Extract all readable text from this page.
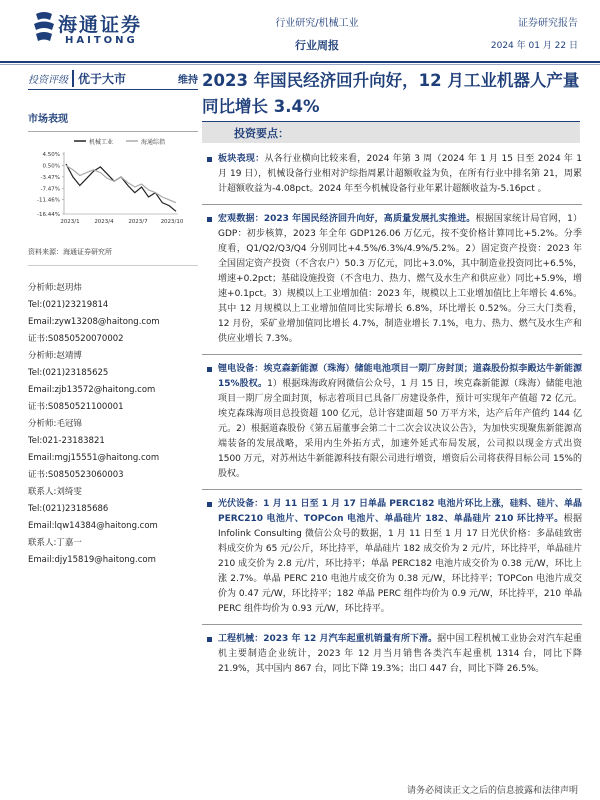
海通证券
HAITONG
行业研究/机械工业
行业周报
证券研究报告
2024 年 01 月 22 日
投资评级 优于大市	维持
市场表现
机械工业	海通综指
4.50%
0.50%
-3.47%
-7.47%
-11.46%
-16.44%
2023/1	2023/4	2023/7 2023/10
资料来源：海通证券研究所
分析师:赵玥炜
Tel:(021)23219814
Email:zyw13208@haitong.com
证书:S0850520070002
分析师:赵靖博
Tel:(021)23185625
Email:zjb13572@haitong.com
证书:S0850521100001
分析师:毛冠锦
Tel:021-23183821
Email:mgj15551@haitong.com
证书:S0850523060003
联系人:刘绮雯
Tel:(021)23185686
Email:lqw14384@haitong.com
联系人:丁嘉一
Email:djy15819@haitong.com
2023 年国民经济回升向好，12 月工业机器人产量同比增长 3.4%
投资要点：
板块表现：从各行业横向比较来看，2024 年第 3 周（2024 年 1 月 15 日至 2024 年 1 月 19 日），机械设备行业相对沪综指周累计超额收益为负，在所有行业中排名第 21，周累计超额收益为-4.08pct。2024 年至今机械设备行业年累计超额收益为-5.16pct 。
宏观数据：2023 年国民经济回升向好，高质量发展扎实推进。根据国家统计局官网，1）GDP：初步核算，2023 年全年 GDP126.06 万亿元，按不变价格计算同比+5.2%。分季度看，Q1/Q2/Q3/Q4 分别同比+4.5%/6.3%/4.9%/5.2%。2）固定资产投资：2023 年全国固定资产投资（不含农户）50.3 万亿元，同比+3.0%，其中制造业投资同比+6.5%，增速+0.2pct；基础设施投资（不含电力、热力、燃气及水生产和供应业）同比+5.9%，增速+0.1pct。3）规模以上工业增加值：2023 年，规模以上工业增加值比上年增长 4.6%。其中 12 月规模以上工业增加值同比实际增长 6.8%，环比增长 0.52%。分三大门类看，12 月份，采矿业增加值同比增长 4.7%，制造业增长 7.1%，电力、热力、燃气及水生产和供应业增长 7.3%。
锂电设备：埃克森新能源（珠海）储能电池项目一期厂房封顶；道森股份拟李殿达牛新能源 15%股权。1）根据珠海政府网微信公众号，1 月 15 日，埃克森新能源（珠海）储能电池项目一期厂房全面封顶，标志着项目已具备厂房建设条件，预计可实现年产值超 72 亿元。埃克森珠海项目总投资超 100 亿元，总计容建面超 50 万平方米，达产后年产值约 144 亿元。2）根据道森股份《第五届董事会第二十二次会议决议公告》，为加快实现聚焦新能源高端装备的发展战略，采用内生外拓方式，加速外延式布局发展，公司拟以现金方式出资 1500 万元，对苏州达牛新能源科技有限公司进行增资，增资后公司将获得目标公司 15%的股权。
光伏设备：1 月 11 日至 1 月 17 日单晶 PERC182 电池片环比上涨，硅料、硅片、单晶 PERC210 电池片、TOPCon 电池片、单晶硅片 182、单晶硅片 210 环比持平。根据 Infolink Consulting 微信公众号的数据，1 月 11 日至 1 月 17 日光伏价格：多晶硅致密料成交价为 65 元/公斤，环比持平，单晶硅片 182 成交价为 2 元/片，环比持平，单晶硅片 210 成交价为 2.8 元/片，环比持平；单晶 PERC182 电池片成交价为 0.38 元/W，环比上涨 2.7%。单晶 PERC 210 电池片成交价为 0.38 元/W，环比持平；TOPCon 电池片成交价为 0.47 元/W，环比持平；182 单晶 PERC 组件均价为 0.9 元/W，环比持平，210 单晶 PERC 组件均价为 0.93 元/W，环比持平。
工程机械：2023 年 12 月汽车起重机销量有所下滑。据中国工程机械工业协会对汽车起重机主要制造企业统计，2023 年 12 月当月销售各类汽车起重机 1314 台，同比下降 21.9%，其中国内 867 台，同比下降 19.3%；出口 447 台，同比下降 26.5%。
请务必阅读正文之后的信息披露和法律声明
